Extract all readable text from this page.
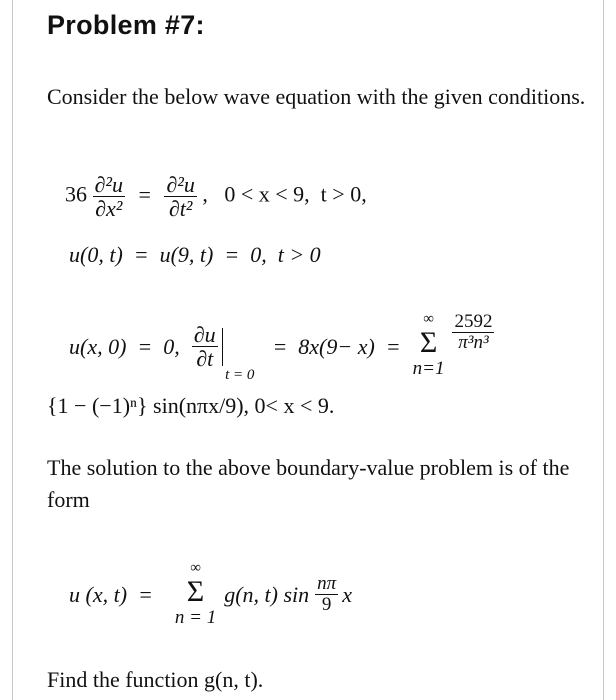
Problem #7:
Consider the below wave equation with the given conditions.
$36 \frac{\text{∂²u}}{\text{∂x²}} = \frac{\text{∂²u}}{\text{∂t²}}$ ,   0 < x < 9,  t > 0,
u(0, t)  =  u(9, t)  =  0,  t > 0
u(x, 0)  =  0, $\frac{\partial u}{\partial t}$
t = 0
=  8x(9− x)  =
∞
Σ
n=1
$\frac{2592}{\text{π³n³}}$
{1 − (−1)ⁿ} sin(nπx/9), 0< x < 9.
The solution to the above boundary-value problem is of the form
u (x, t)  =
∞
Σ
n = 1
g(n, t) $\sin \frac{n\pi}{9}$ x
Find the function g(n, t).
